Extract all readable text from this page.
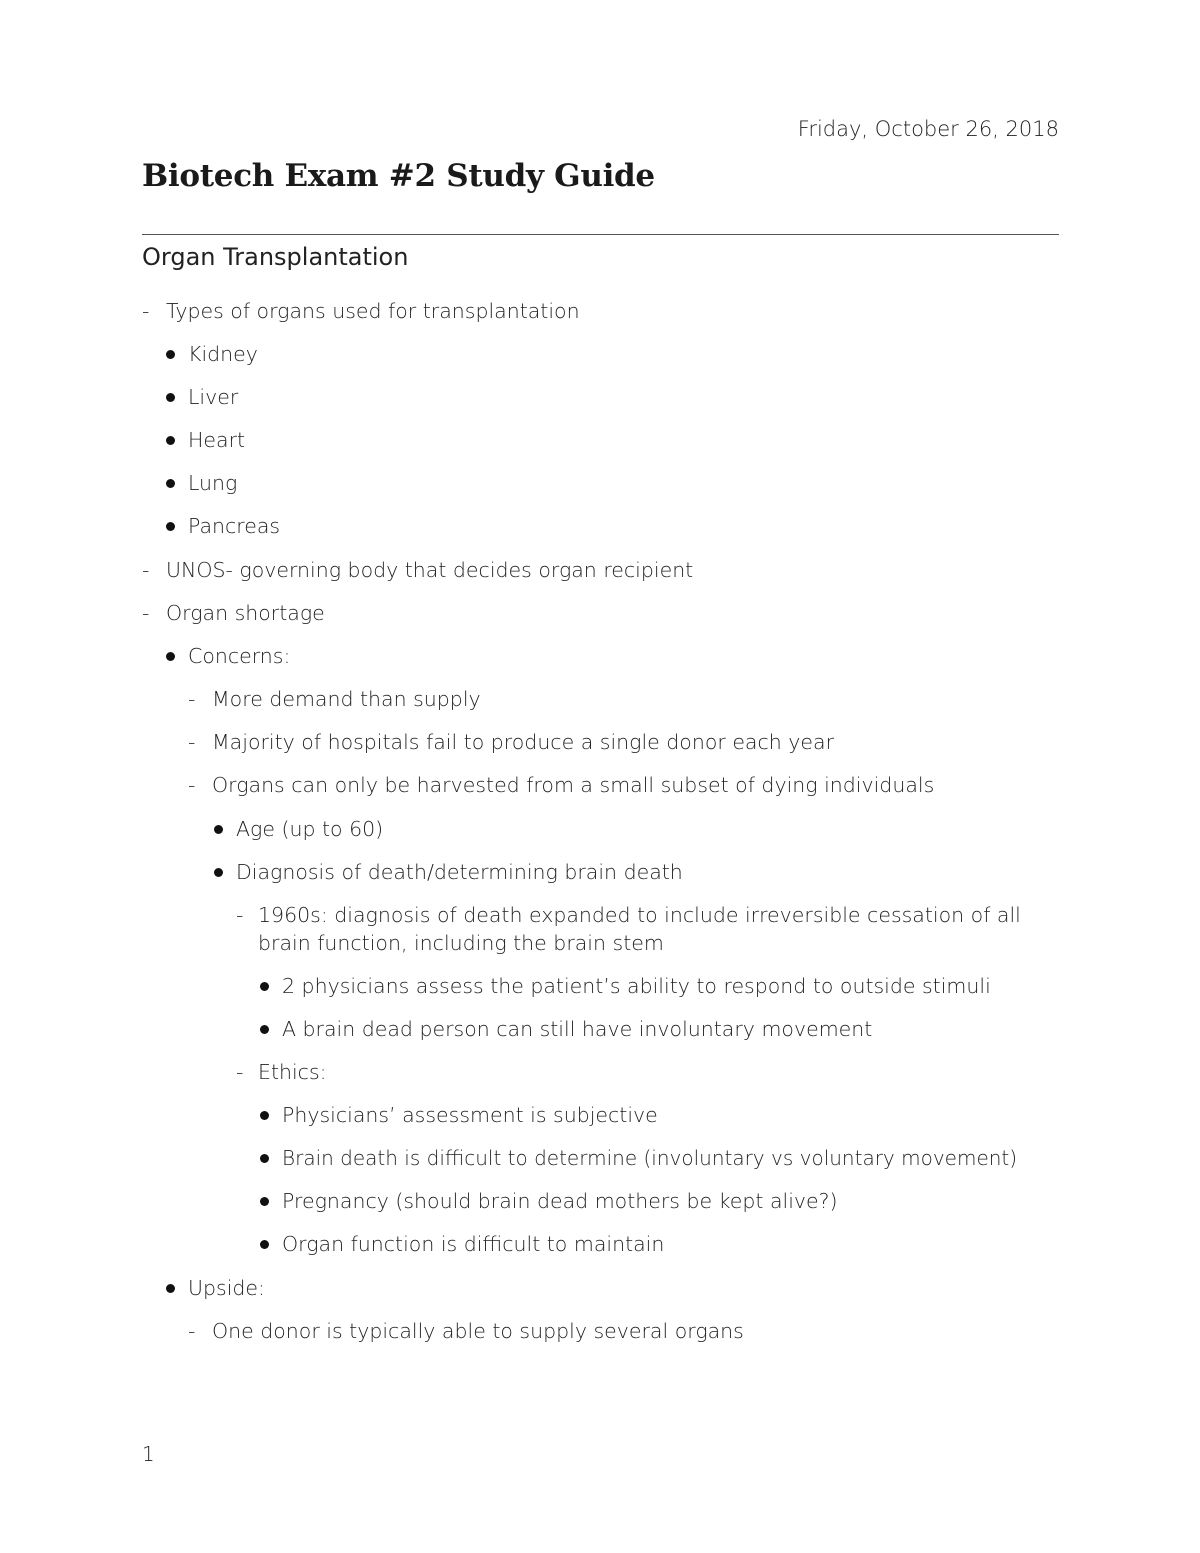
Friday, October 26, 2018
Biotech Exam #2 Study Guide
Organ Transplantation
- Types of organs used for transplantation
Kidney
Liver
Heart
Lung
Pancreas
- UNOS- governing body that decides organ recipient
- Organ shortage
Concerns:
- More demand than supply
- Majority of hospitals fail to produce a single donor each year
- Organs can only be harvested from a small subset of dying individuals
Age (up to 60)
Diagnosis of death/determining brain death
- 1960s: diagnosis of death expanded to include irreversible cessation of all brain function, including the brain stem
2 physicians assess the patient’s ability to respond to outside stimuli
A brain dead person can still have involuntary movement
- Ethics:
Physicians’ assessment is subjective
Brain death is difficult to determine (involuntary vs voluntary movement)
Pregnancy (should brain dead mothers be kept alive?)
Organ function is difficult to maintain
Upside:
- One donor is typically able to supply several organs
1
